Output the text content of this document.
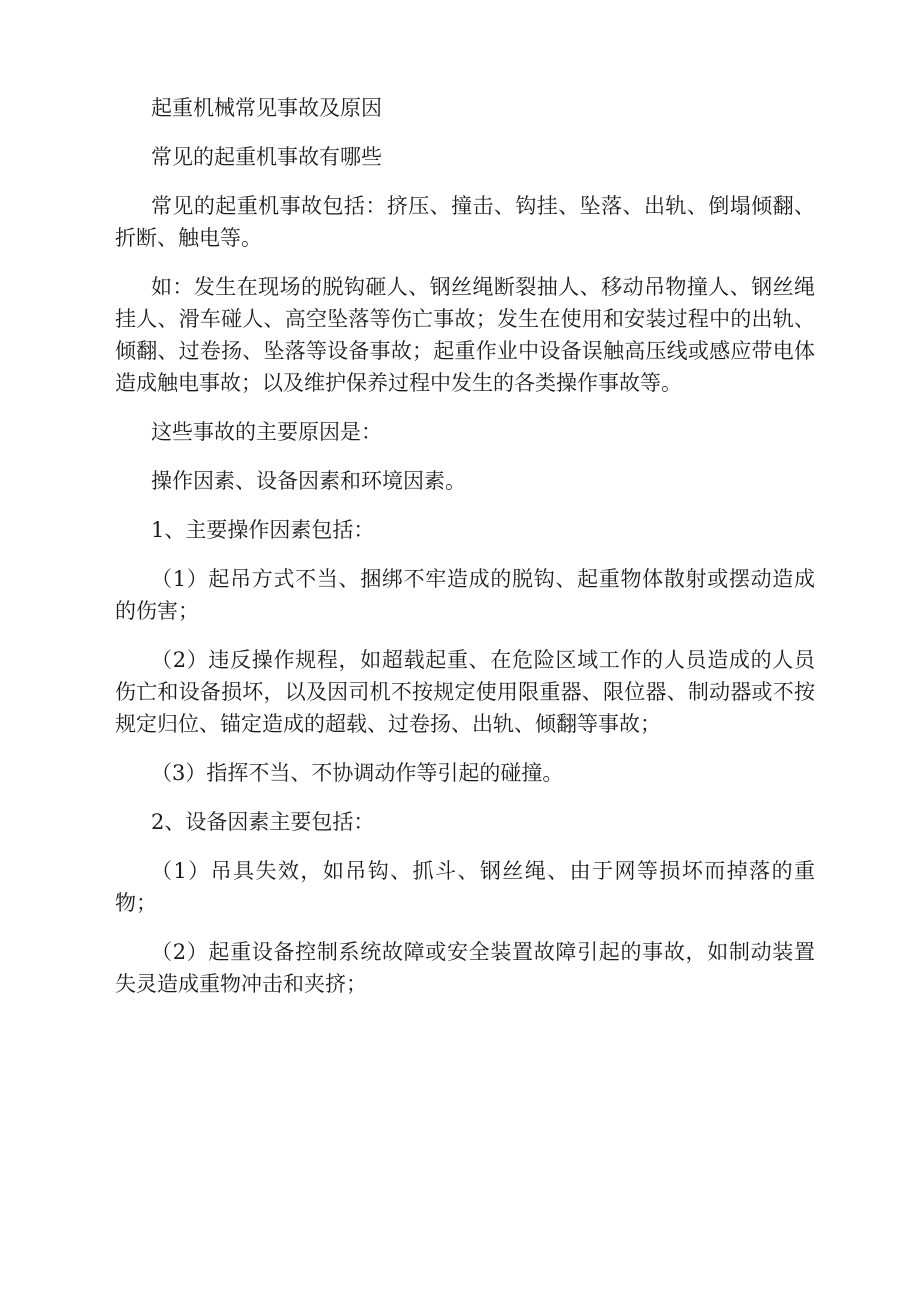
起重机械常见事故及原因

常见的起重机事故有哪些

常见的起重机事故包括：挤压、撞击、钩挂、坠落、出轨、倒塌倾翻、折断、触电等。

如：发生在现场的脱钩砸人、钢丝绳断裂抽人、移动吊物撞人、钢丝绳挂人、滑车碰人、高空坠落等伤亡事故；发生在使用和安装过程中的出轨、倾翻、过卷扬、坠落等设备事故；起重作业中设备误触高压线或感应带电体造成触电事故；以及维护保养过程中发生的各类操作事故等。

这些事故的主要原因是：

操作因素、设备因素和环境因素。

1、主要操作因素包括：

（1）起吊方式不当、捆绑不牢造成的脱钩、起重物体散射或摆动造成的伤害；

（2）违反操作规程，如超载起重、在危险区域工作的人员造成的人员伤亡和设备损坏，以及因司机不按规定使用限重器、限位器、制动器或不按规定归位、锚定造成的超载、过卷扬、出轨、倾翻等事故；

（3）指挥不当、不协调动作等引起的碰撞。

2、设备因素主要包括：

（1）吊具失效，如吊钩、抓斗、钢丝绳、由于网等损坏而掉落的重物；

（2）起重设备控制系统故障或安全装置故障引起的事故，如制动装置失灵造成重物冲击和夹挤；
